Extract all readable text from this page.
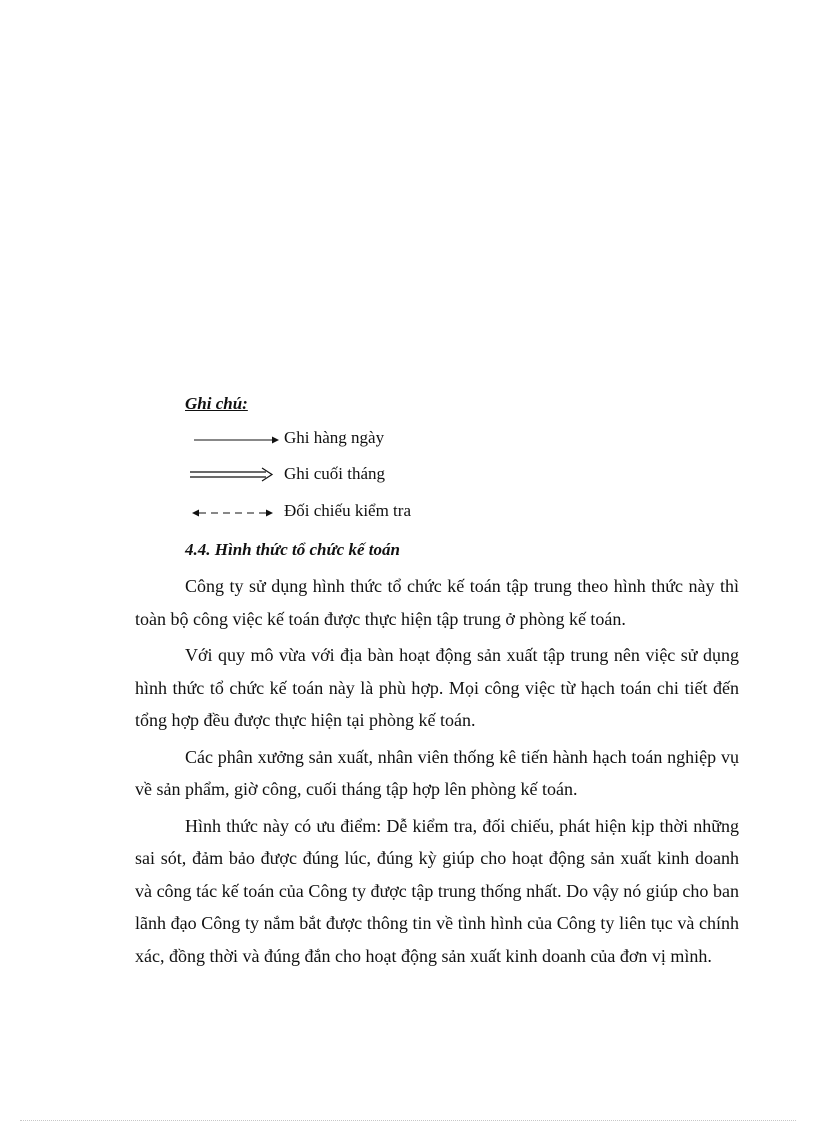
Ghi chú:

Ghi hàng ngày
Ghi cuối tháng
Đối chiếu kiểm tra
4.4. Hình thức tổ chức kế toán

Công ty sử dụng hình thức tổ chức kế toán tập trung theo hình thức này thì toàn bộ công việc kế toán được thực hiện tập trung ở phòng kế toán.

Với quy mô vừa với địa bàn hoạt động sản xuất tập trung nên việc sử dụng hình thức tổ chức kế toán này là phù hợp. Mọi công việc từ hạch toán chi tiết đến tổng hợp đều được thực hiện tại phòng kế toán.

Các phân xưởng sản xuất, nhân viên thống kê tiến hành hạch toán nghiệp vụ về sản phẩm, giờ công, cuối tháng tập hợp lên phòng kế toán.

Hình thức này có ưu điểm: Dễ kiểm tra, đối chiếu, phát hiện kịp thời những sai sót, đảm bảo được đúng lúc, đúng kỳ giúp cho hoạt động sản xuất kinh doanh và công tác kế toán của Công ty được tập trung thống nhất. Do vậy nó giúp cho ban lãnh đạo Công ty nắm bắt được thông tin về tình hình của Công ty liên tục và chính xác, đồng thời và đúng đắn cho hoạt động sản xuất kinh doanh của đơn vị mình.
